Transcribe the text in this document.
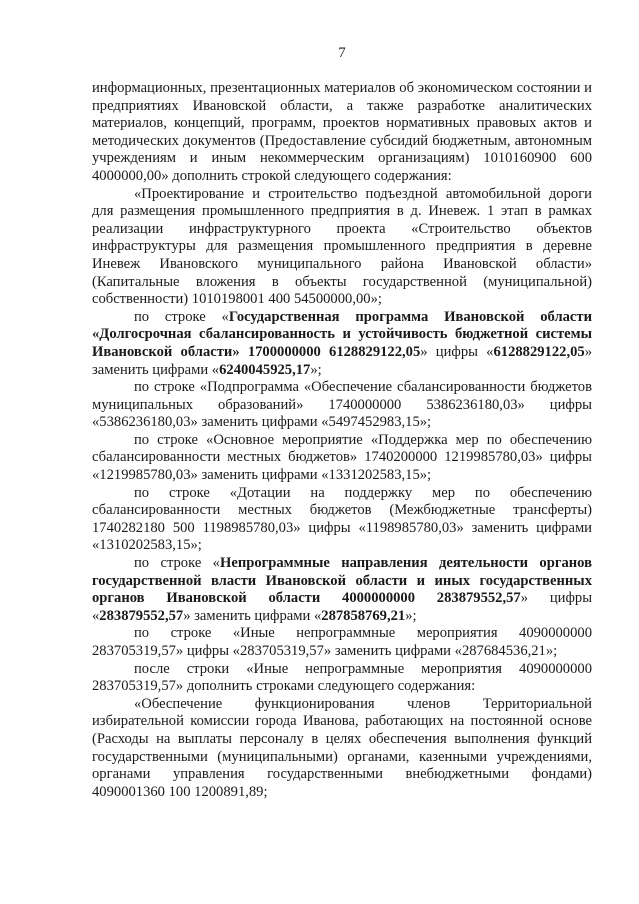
7

информационных, презентационных материалов об экономическом состоянии и предприятиях Ивановской области, а также разработке аналитических материалов, концепций, программ, проектов нормативных правовых актов и методических документов (Предоставление субсидий бюджетным, автономным учреждениям и иным некоммерческим организациям) 1010160900 600 4000000,00» дополнить строкой следующего содержания:

«Проектирование и строительство подъездной автомобильной дороги для размещения промышленного предприятия в д. Иневеж. 1 этап в рамках реализации инфраструктурного проекта «Строительство объектов инфраструктуры для размещения промышленного предприятия в деревне Иневеж Ивановского муниципального района Ивановской области» (Капитальные вложения в объекты государственной (муниципальной) собственности) 1010198001 400 54500000,00»;

по строке «Государственная программа Ивановской области «Долгосрочная сбалансированность и устойчивость бюджетной системы Ивановской области» 1700000000 6128829122,05» цифры «6128829122,05» заменить цифрами «6240045925,17»;

по строке «Подпрограмма «Обеспечение сбалансированности бюджетов муниципальных образований» 1740000000 5386236180,03» цифры «5386236180,03» заменить цифрами «5497452983,15»;

по строке «Основное мероприятие «Поддержка мер по обеспечению сбалансированности местных бюджетов» 1740200000 1219985780,03» цифры «1219985780,03» заменить цифрами «1331202583,15»;

по строке «Дотации на поддержку мер по обеспечению сбалансированности местных бюджетов (Межбюджетные трансферты) 1740282180 500 1198985780,03» цифры «1198985780,03» заменить цифрами «1310202583,15»;

по строке «Непрограммные направления деятельности органов государственной власти Ивановской области и иных государственных органов Ивановской области 4000000000 283879552,57» цифры «283879552,57» заменить цифрами «287858769,21»;

по строке «Иные непрограммные мероприятия 4090000000 283705319,57» цифры «283705319,57» заменить цифрами «287684536,21»;

после строки «Иные непрограммные мероприятия 4090000000 283705319,57» дополнить строками следующего содержания:

«Обеспечение функционирования членов Территориальной избирательной комиссии города Иванова, работающих на постоянной основе (Расходы на выплаты персоналу в целях обеспечения выполнения функций государственными (муниципальными) органами, казенными учреждениями, органами управления государственными внебюджетными фондами) 4090001360 100 1200891,89;
